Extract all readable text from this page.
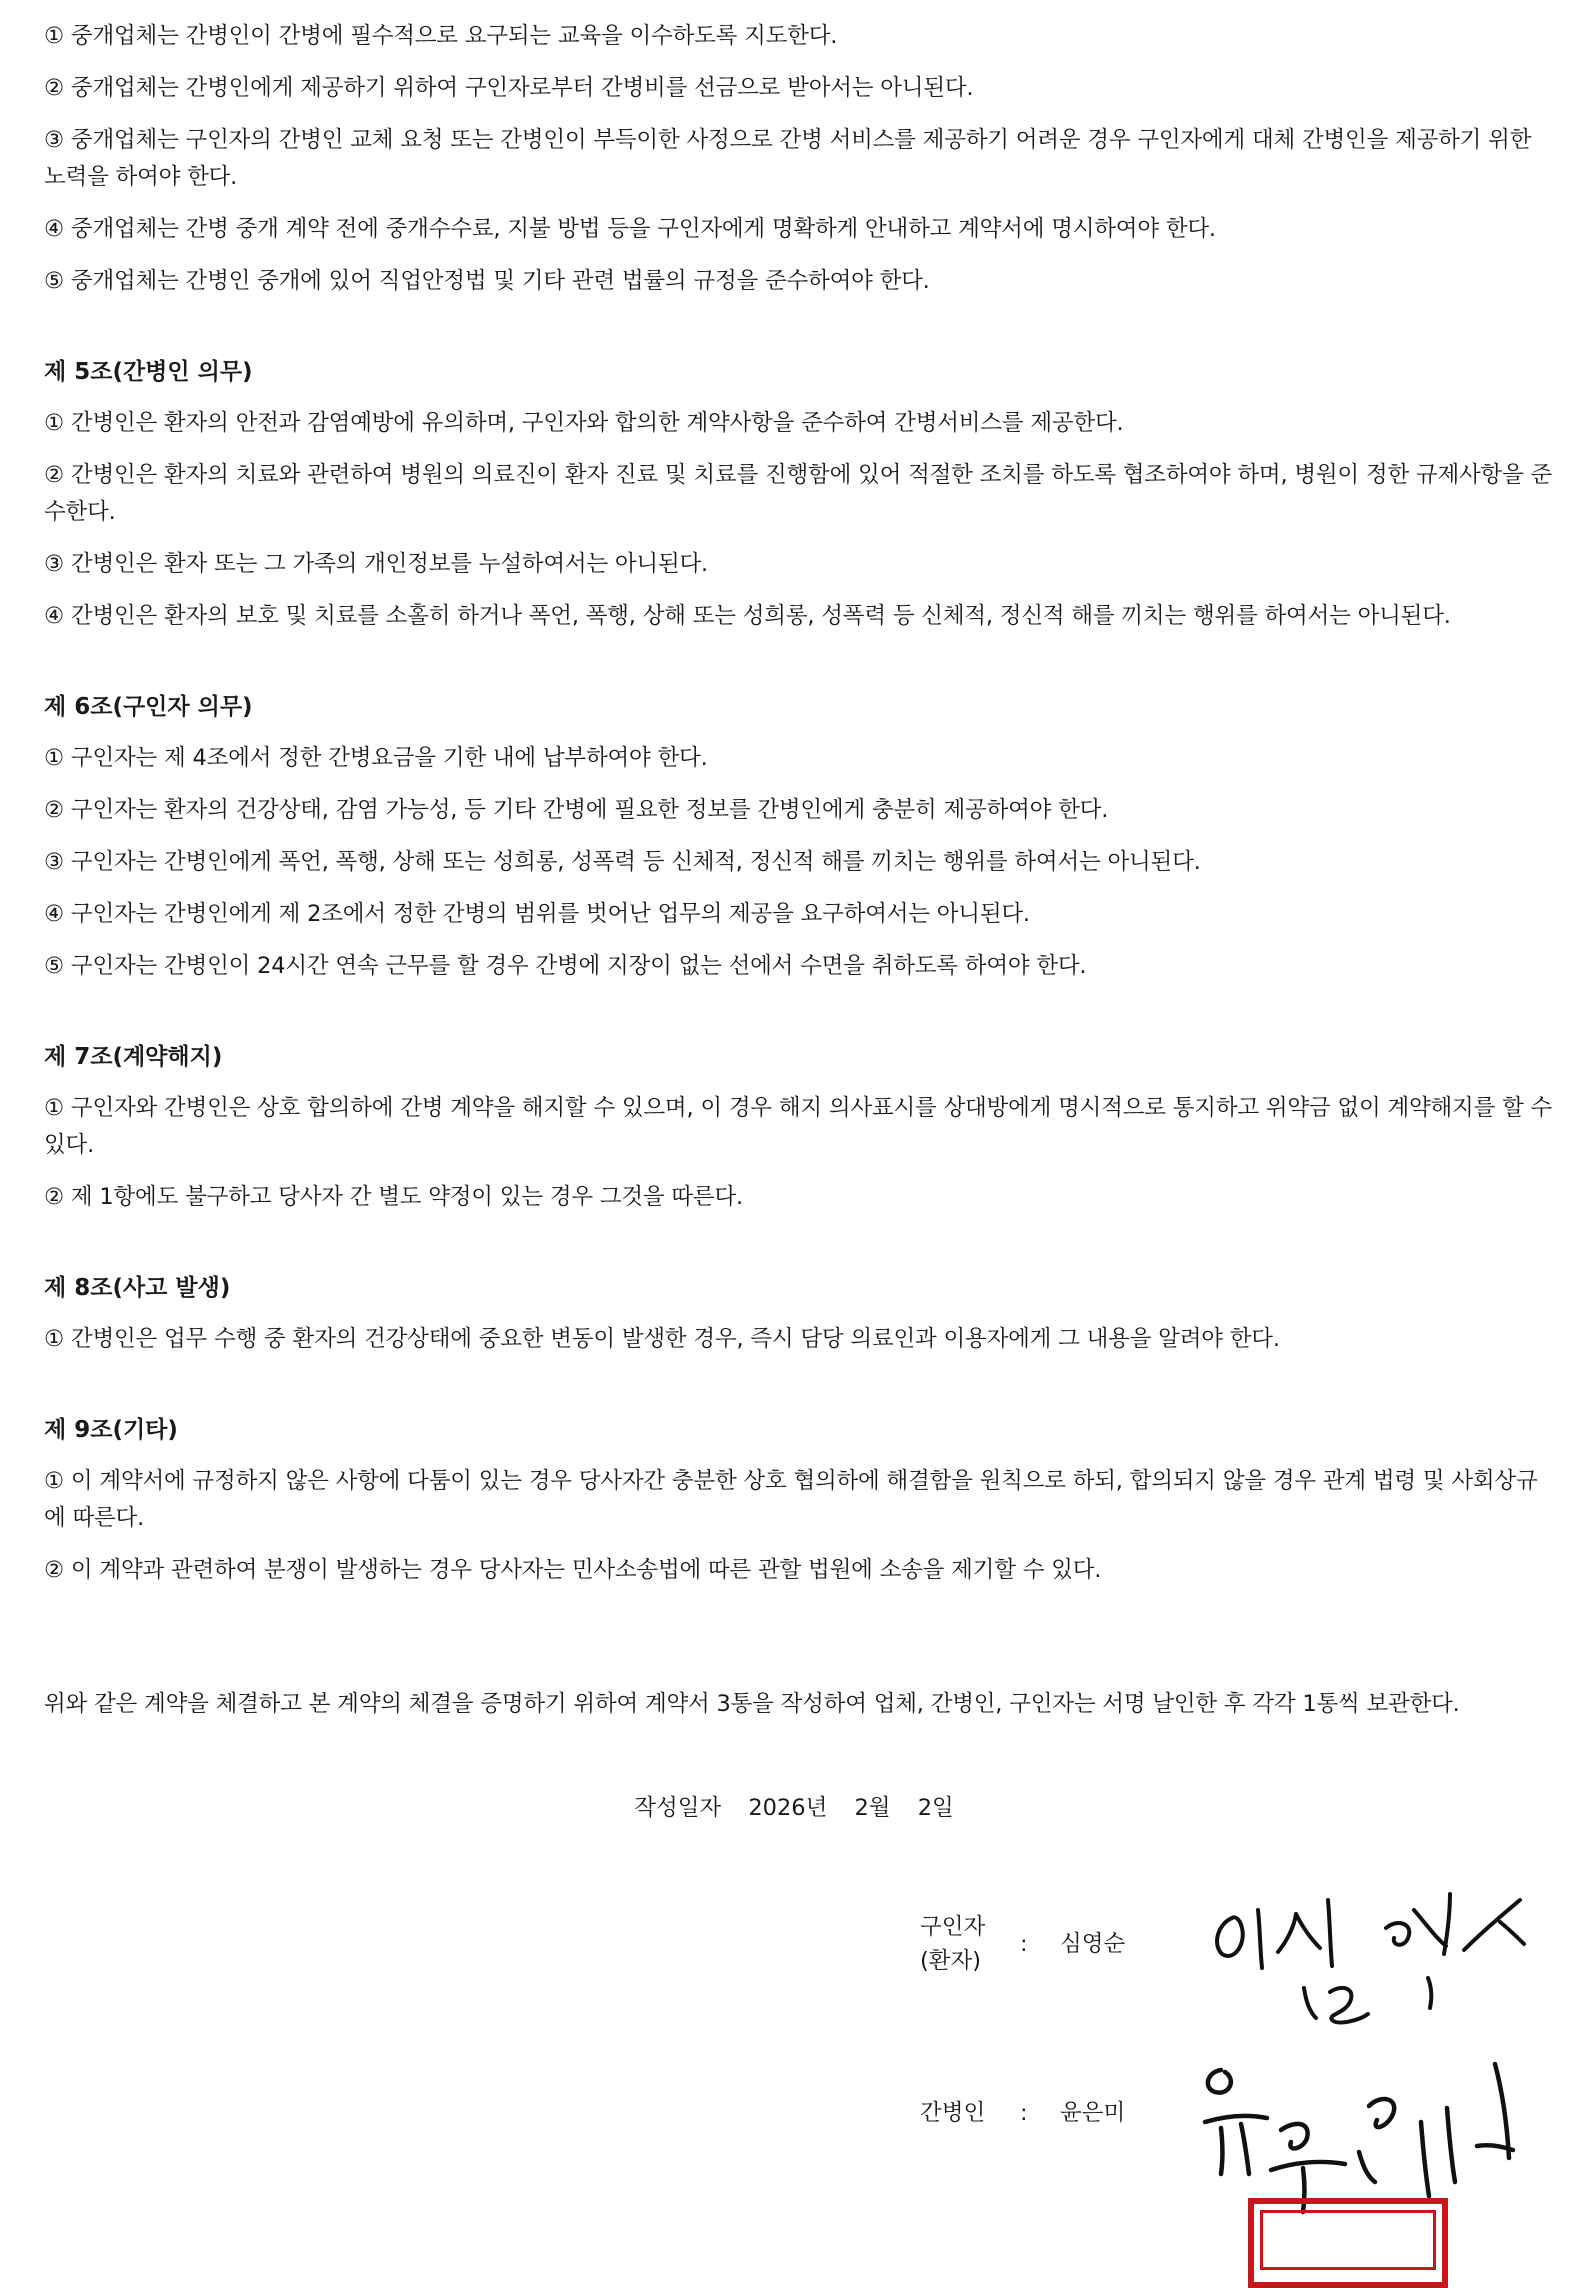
① 중개업체는 간병인이 간병에 필수적으로 요구되는 교육을 이수하도록 지도한다.

② 중개업체는 간병인에게 제공하기 위하여 구인자로부터 간병비를 선금으로 받아서는 아니된다.

③ 중개업체는 구인자의 간병인 교체 요청 또는 간병인이 부득이한 사정으로 간병 서비스를 제공하기 어려운 경우 구인자에게 대체 간병인을 제공하기 위한 노력을 하여야 한다.

④ 중개업체는 간병 중개 계약 전에 중개수수료, 지불 방법 등을 구인자에게 명확하게 안내하고 계약서에 명시하여야 한다.

⑤ 중개업체는 간병인 중개에 있어 직업안정법 및 기타 관련 법률의 규정을 준수하여야 한다.

제 5조(간병인 의무)

① 간병인은 환자의 안전과 감염예방에 유의하며, 구인자와 합의한 계약사항을 준수하여 간병서비스를 제공한다.

② 간병인은 환자의 치료와 관련하여 병원의 의료진이 환자 진료 및 치료를 진행함에 있어 적절한 조치를 하도록 협조하여야 하며, 병원이 정한 규제사항을 준수한다.

③ 간병인은 환자 또는 그 가족의 개인정보를 누설하여서는 아니된다.

④ 간병인은 환자의 보호 및 치료를 소홀히 하거나 폭언, 폭행, 상해 또는 성희롱, 성폭력 등 신체적, 정신적 해를 끼치는 행위를 하여서는 아니된다.

제 6조(구인자 의무)

① 구인자는 제 4조에서 정한 간병요금을 기한 내에 납부하여야 한다.

② 구인자는 환자의 건강상태, 감염 가능성, 등 기타 간병에 필요한 정보를 간병인에게 충분히 제공하여야 한다.

③ 구인자는 간병인에게 폭언, 폭행, 상해 또는 성희롱, 성폭력 등 신체적, 정신적 해를 끼치는 행위를 하여서는 아니된다.

④ 구인자는 간병인에게 제 2조에서 정한 간병의 범위를 벗어난 업무의 제공을 요구하여서는 아니된다.

⑤ 구인자는 간병인이 24시간 연속 근무를 할 경우 간병에 지장이 없는 선에서 수면을 취하도록 하여야 한다.

제 7조(계약해지)

① 구인자와 간병인은 상호 합의하에 간병 계약을 해지할 수 있으며, 이 경우 해지 의사표시를 상대방에게 명시적으로 통지하고 위약금 없이 계약해지를 할 수 있다.

② 제 1항에도 불구하고 당사자 간 별도 약정이 있는 경우 그것을 따른다.

제 8조(사고 발생)

① 간병인은 업무 수행 중 환자의 건강상태에 중요한 변동이 발생한 경우, 즉시 담당 의료인과 이용자에게 그 내용을 알려야 한다.

제 9조(기타)

① 이 계약서에 규정하지 않은 사항에 다툼이 있는 경우 당사자간 충분한 상호 협의하에 해결함을 원칙으로 하되, 합의되지 않을 경우 관계 법령 및 사회상규에 따른다.

② 이 계약과 관련하여 분쟁이 발생하는 경우 당사자는 민사소송법에 따른 관할 법원에 소송을 제기할 수 있다.

위와 같은 계약을 체결하고 본 계약의 체결을 증명하기 위하여 계약서 3통을 작성하여 업체, 간병인, 구인자는 서명 날인한 후 각각 1통씩 보관한다.

작성일자 2026년 2월 2일
구인자
(환자)
: 심영순
간병인	: 윤은미
